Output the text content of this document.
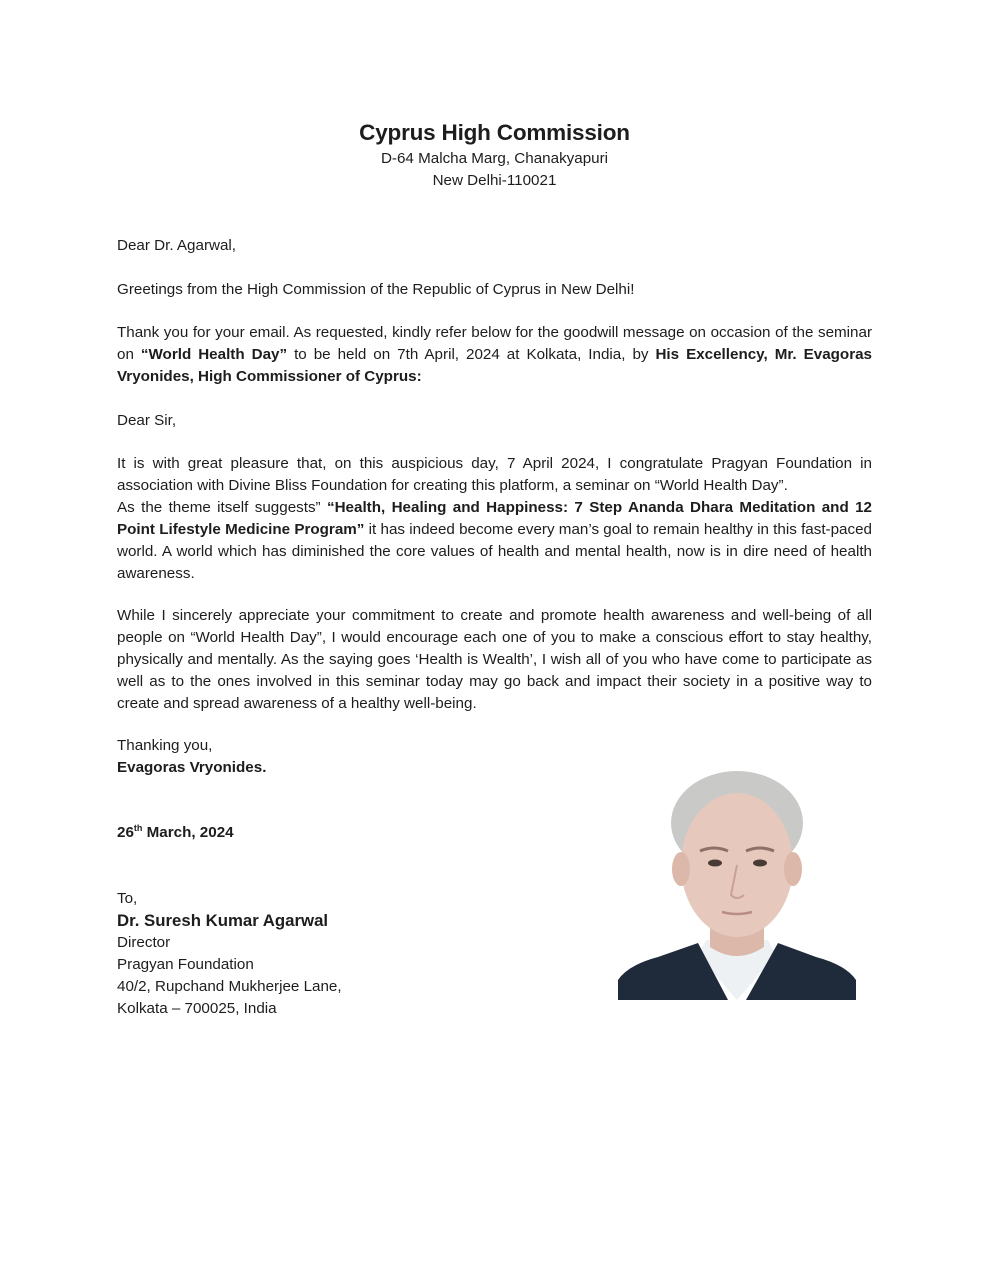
Cyprus High Commission
D-64 Malcha Marg, Chanakyapuri
New Delhi-110021
Dear Dr. Agarwal,
Greetings from the High Commission of the Republic of Cyprus in New Delhi!
Thank you for your email. As requested, kindly refer below for the goodwill message on occasion of the seminar on “World Health Day” to be held on 7th April, 2024 at Kolkata, India, by His Excellency, Mr. Evagoras Vryonides, High Commissioner of Cyprus:
Dear Sir,
It is with great pleasure that, on this auspicious day, 7 April 2024, I congratulate Pragyan Foundation in association with Divine Bliss Foundation for creating this platform, a seminar on “World Health Day”.
As the theme itself suggests” “Health, Healing and Happiness: 7 Step Ananda Dhara Meditation and 12 Point Lifestyle Medicine Program” it has indeed become every man’s goal to remain healthy in this fast-paced world. A world which has diminished the core values of health and mental health, now is in dire need of health awareness.
While I sincerely appreciate your commitment to create and promote health awareness and well-being of all people on “World Health Day”, I would encourage each one of you to make a conscious effort to stay healthy, physically and mentally. As the saying goes ‘Health is Wealth’, I wish all of you who have come to participate as well as to the ones involved in this seminar today may go back and impact their society in a positive way to create and spread awareness of a healthy well-being.
Thanking you,
Evagoras Vryonides.
26th March, 2024
To,
Dr. Suresh Kumar Agarwal
Director
Pragyan Foundation
40/2, Rupchand Mukherjee Lane,
Kolkata – 700025, India
